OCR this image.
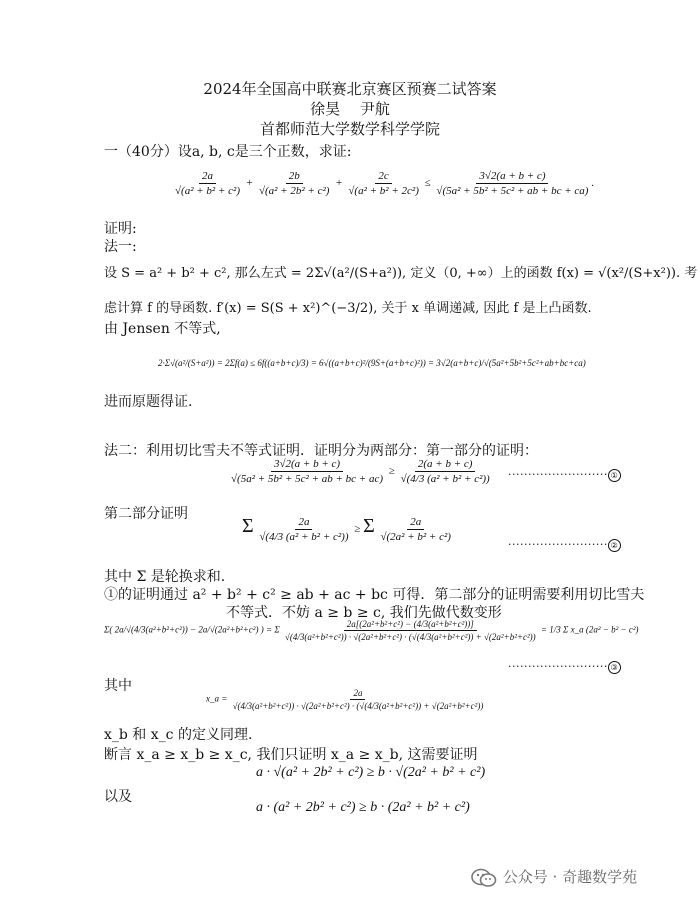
2024年全国高中联赛北京赛区预赛二试答案
徐昊　 尹航
首都师范大学数学科学学院
一（40分）设a, b, c是三个正数，求证:
$\frac{2a}{\text{√(a² + b² + c²)}} + \frac{2b}{\text{√(a² + 2b² + c²)}} + \frac{2c}{\text{√(a² + b² + 2c²)}} \le \frac{3√2(a + b + c)}{\text{√(5a² + 5b² + 5c² + ab + bc + ca)}}$ .
证明:
法一:
设 S = a² + b² + c², 那么左式 = 2Σ√(a²/(S+a²)), 定义（0, +∞）上的函数 f(x) = √(x²/(S+x²)). 考
虑计算 f 的导函数. f′(x) = S(S + x²)^(−3/2), 关于 x 单调递减, 因此 f 是上凸函数.
由 Jensen 不等式,
2·Σ√(a²/(S+a²)) = 2Σf(a) ≤ 6f((a+b+c)/3) = 6√((a+b+c)²/(9S+(a+b+c)²)) = 3√2(a+b+c)/√(5a²+5b²+5c²+ab+bc+ca)
进而原题得证.
法二：利用切比雪夫不等式证明．证明分为两部分：第一部分的证明：
$\frac{3√2(a + b + c)}{\text{√(5a² + 5b² + 5c² + ab + bc + ac)}} \ge \frac{2(a + b + c)}{\text{√(4/3 (a² + b² + c²))}}$ ························· ①
第二部分证明
Σ $\frac{2a}{\text{√(4/3 (a² + b² + c²))}} \ge \Sigma \frac{2a}{\text{√(2a² + b² + c²)}}$
························· ②
其中 Σ 是轮换求和.
①的证明通过 a² + b² + c² ≥ ab + ac + bc 可得．第二部分的证明需要利用切比雪夫
不等式．不妨 a ≥ b ≥ c, 我们先做代数变形
Σ( 2a/√(4/3(a²+b²+c²)) − 2a/√(2a²+b²+c²) ) = Σ
2a[(2a²+b²+c²) − (4/3(a²+b²+c²))]
√(4/3(a²+b²+c²)) · √(2a²+b²+c²) · (√(4/3(a²+b²+c²)) + √(2a²+b²+c²))
= 1/3 Σ x_a (2a² − b² − c²)
························· ③
其中
x_a =
2a
√(4/3(a²+b²+c²)) · √(2a²+b²+c²) · (√(4/3(a²+b²+c²)) + √(2a²+b²+c²))
x_b 和 x_c 的定义同理.
断言 x_a ≥ x_b ≥ x_c, 我们只证明 x_a ≥ x_b, 这需要证明
a · √(a² + 2b² + c²) ≥ b · √(2a² + b² + c²)
以及
a · (a² + 2b² + c²) ≥ b · (2a² + b² + c²)
公众号 · 奇趣数学苑
